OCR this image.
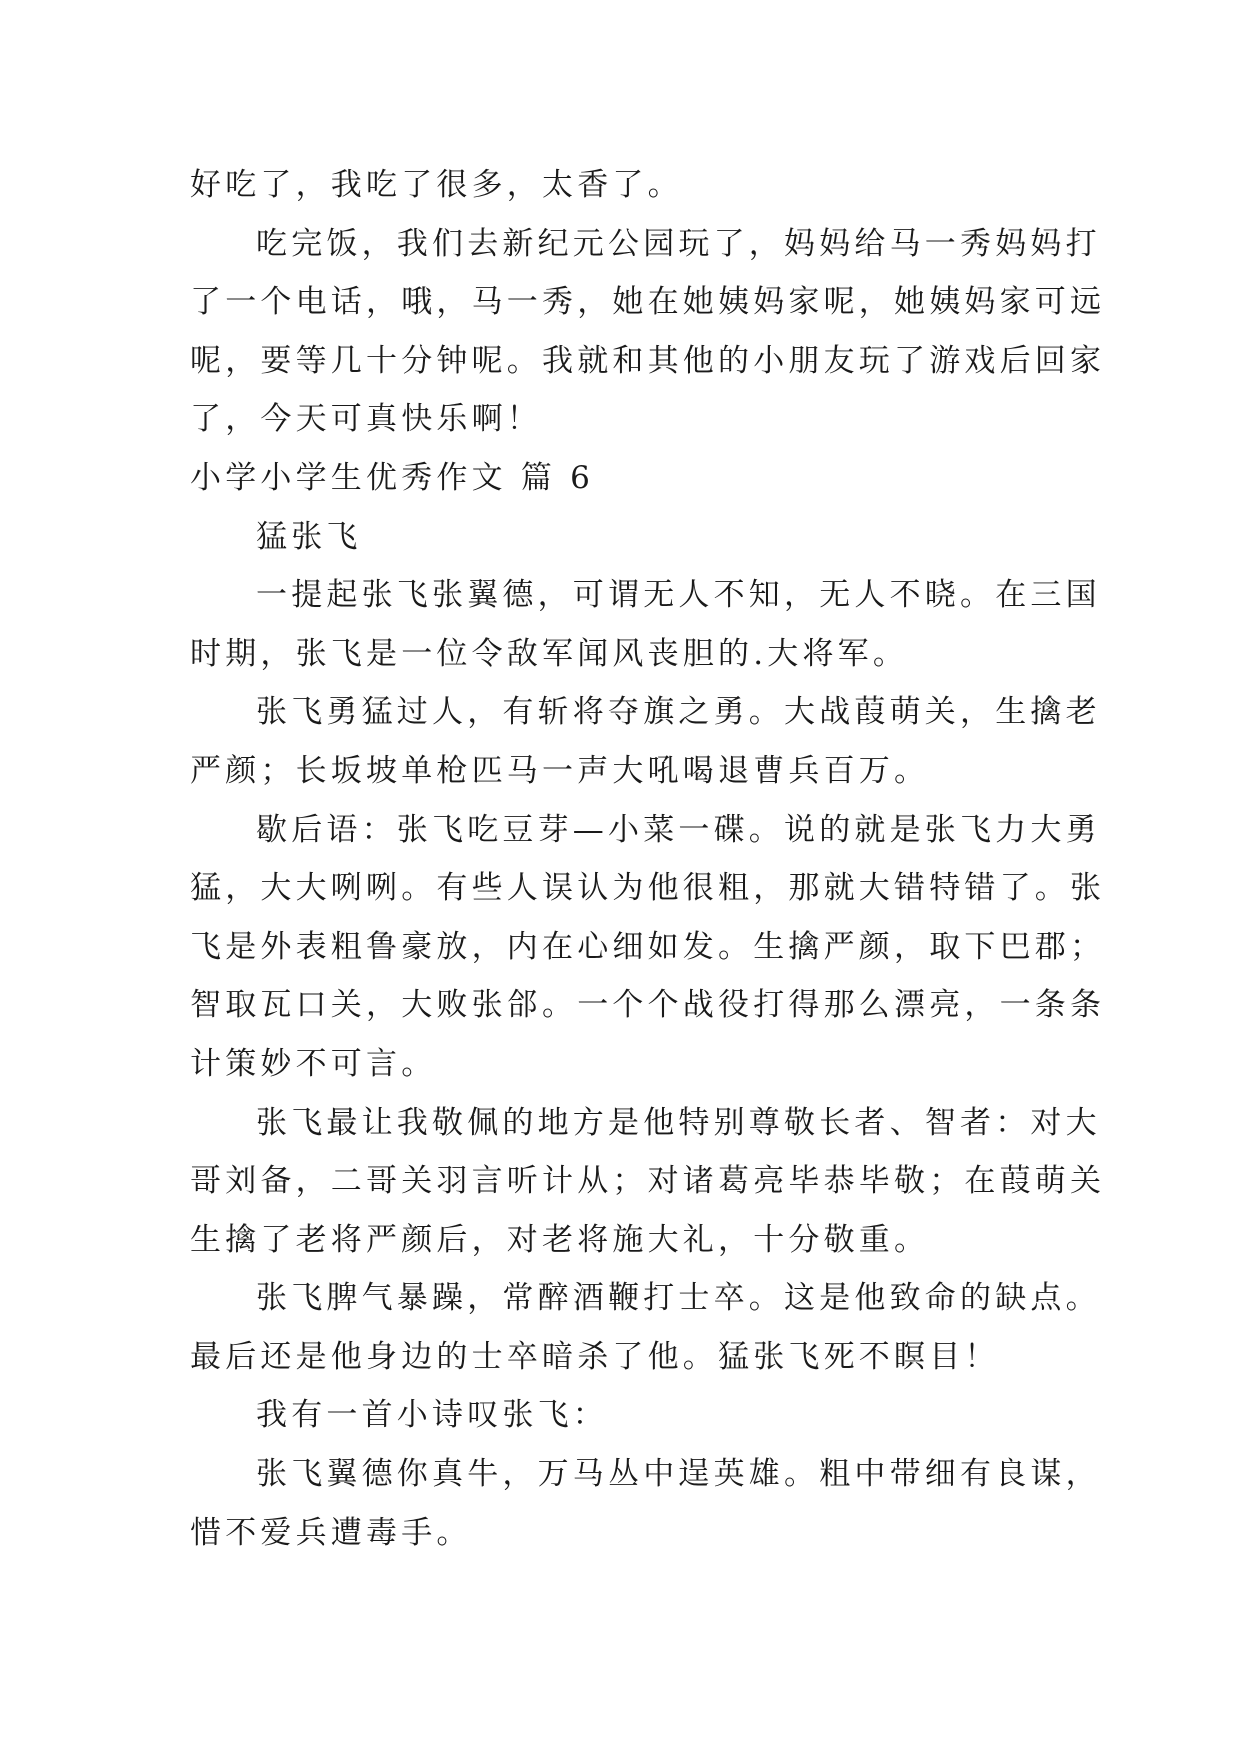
好吃了，我吃了很多，太香了。
吃完饭，我们去新纪元公园玩了，妈妈给马一秀妈妈打
了一个电话，哦，马一秀，她在她姨妈家呢，她姨妈家可远
呢，要等几十分钟呢。我就和其他的小朋友玩了游戏后回家
了，今天可真快乐啊！
小学小学生优秀作文 篇 6
猛张飞
一提起张飞张翼德，可谓无人不知，无人不晓。在三国
时期，张飞是一位令敌军闻风丧胆的.大将军。
张飞勇猛过人，有斩将夺旗之勇。大战葭萌关，生擒老
严颜；长坂坡单枪匹马一声大吼喝退曹兵百万。
歇后语：张飞吃豆芽—小菜一碟。说的就是张飞力大勇
猛，大大咧咧。有些人误认为他很粗，那就大错特错了。张
飞是外表粗鲁豪放，内在心细如发。生擒严颜，取下巴郡；
智取瓦口关，大败张郃。一个个战役打得那么漂亮，一条条
计策妙不可言。
张飞最让我敬佩的地方是他特别尊敬长者、智者：对大
哥刘备，二哥关羽言听计从；对诸葛亮毕恭毕敬；在葭萌关
生擒了老将严颜后，对老将施大礼，十分敬重。
张飞脾气暴躁，常醉酒鞭打士卒。这是他致命的缺点。
最后还是他身边的士卒暗杀了他。猛张飞死不瞑目！
我有一首小诗叹张飞：
张飞翼德你真牛，万马丛中逞英雄。粗中带细有良谋，
惜不爱兵遭毒手。
